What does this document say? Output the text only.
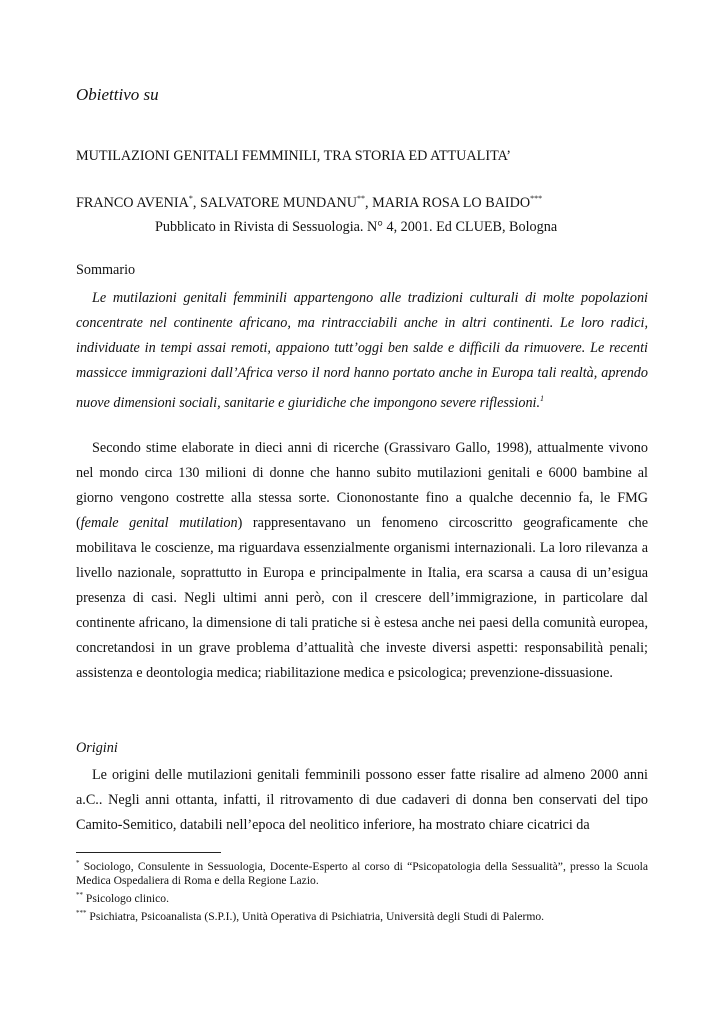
Obiettivo su
MUTILAZIONI GENITALI FEMMINILI, TRA STORIA ED ATTUALITA’
FRANCO AVENIA*, SALVATORE MUNDANU**, MARIA ROSA LO BAIDO***
Pubblicato in Rivista di Sessuologia. N° 4, 2001. Ed CLUEB, Bologna
Sommario

Le mutilazioni genitali femminili appartengono alle tradizioni culturali di molte popolazioni concentrate nel continente africano, ma rintracciabili anche in altri continenti. Le loro radici, individuate in tempi assai remoti, appaiono tutt’oggi ben salde e difficili da rimuovere. Le recenti massicce immigrazioni dall’Africa verso il nord hanno portato anche in Europa tali realtà, aprendo nuove dimensioni sociali, sanitarie e giuridiche che impongono severe riflessioni.$^1$

Secondo stime elaborate in dieci anni di ricerche (Grassivaro Gallo, 1998), attualmente vivono nel mondo circa 130 milioni di donne che hanno subito mutilazioni genitali e 6000 bambine al giorno vengono costrette alla stessa sorte. Ciononostante fino a qualche decennio fa, le FMG (female genital mutilation) rappresentavano un fenomeno circoscritto geograficamente che mobilitava le coscienze, ma riguardava essenzialmente organismi internazionali. La loro rilevanza a livello nazionale, soprattutto in Europa e principalmente in Italia, era scarsa a causa di un’esigua presenza di casi. Negli ultimi anni però, con il crescere dell’immigrazione, in particolare dal continente africano, la dimensione di tali pratiche si è estesa anche nei paesi della comunità europea, concretandosi in un grave problema d’attualità che investe diversi aspetti: responsabilità penali; assistenza e deontologia medica; riabilitazione medica e psicologica; prevenzione-dissuasione.

Origini

Le origini delle mutilazioni genitali femminili possono esser fatte risalire ad almeno 2000 anni a.C.. Negli anni ottanta, infatti, il ritrovamento di due cadaveri di donna ben conservati del tipo Camito-Semitico, databili nell’epoca del neolitico inferiore, ha mostrato chiare cicatrici da

* Sociologo, Consulente in Sessuologia, Docente-Esperto al corso di “Psicopatologia della Sessualità”, presso la Scuola Medica Ospedaliera di Roma e della Regione Lazio.

** Psicologo clinico.

*** Psichiatra, Psicoanalista (S.P.I.), Unità Operativa di Psichiatria, Università degli Studi di Palermo.
